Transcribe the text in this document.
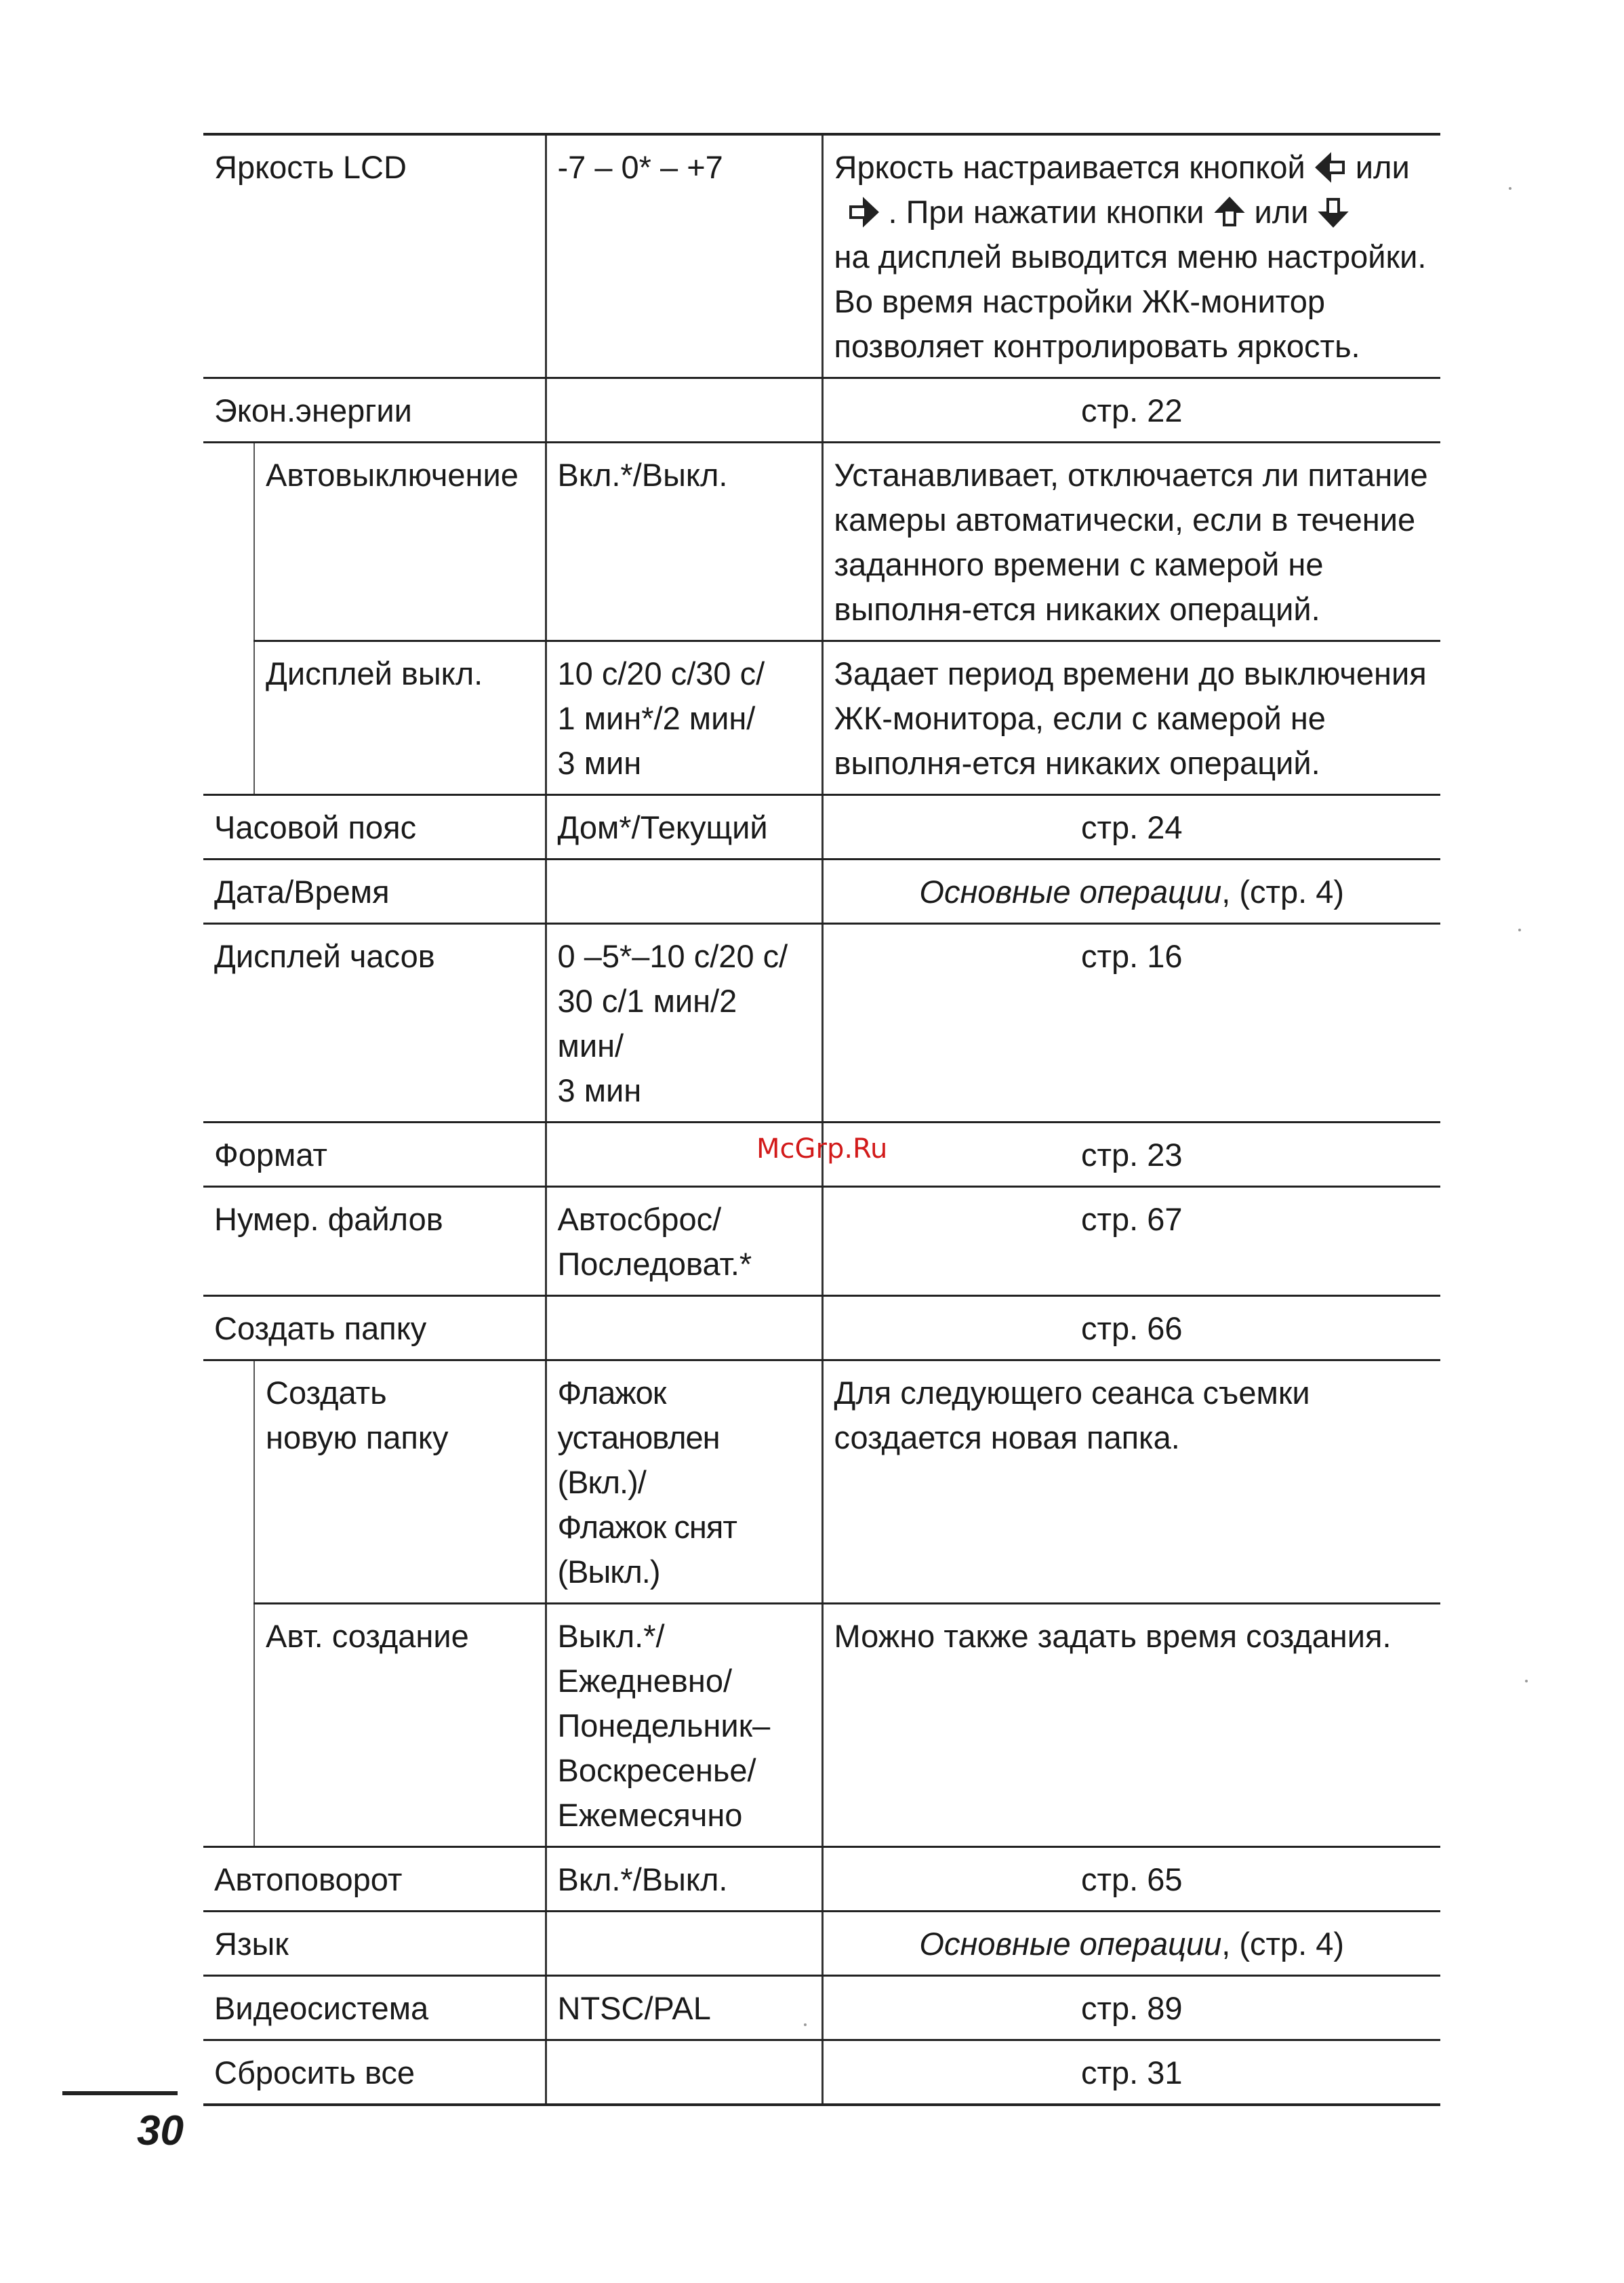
Яркость LCD		-7 – 0* – +7	Яркость настраивается кнопкой или
. При нажатии кнопки или
на дисплей выводится меню настройки. Во время настройки ЖК-монитор позволяет контролировать яркость.
Экон.энергии			стр. 22
	Автовыключение	Вкл.*/Выкл.	Устанавливает, отключается ли питание камеры автоматически, если в течение заданного времени с камерой не выполня-ется никаких операций.
	Дисплей выкл.	10 с/20 с/30 с/
1 мин*/2 мин/
3 мин	Задает период времени до выключения ЖК-монитора, если с камерой не выполня-ется никаких операций.
Часовой пояс		Дом*/Текущий	стр. 24
Дата/Время			Основные операции, (стр. 4)
Дисплей часов		0 –5*–10 с/20 с/
30 с/1 мин/2 мин/
3 мин	стр. 16
Формат			стр. 23
Нумер. файлов		Автосброс/
Последоват.*	стр. 67
Создать папку			стр. 66
	Создать
новую папку	Флажок установлен
(Вкл.)/
Флажок снят
(Выкл.)	Для следующего сеанса съемки создается новая папка.
	Авт. создание	Выкл.*/
Ежедневно/
Понедельник–
Воскресенье/
Ежемесячно	Можно также задать время создания.
Автоповорот		Вкл.*/Выкл.	стр. 65
Язык			Основные операции, (стр. 4)
Видеосистема		NTSC/PAL	стр. 89
Сбросить все			стр. 31
McGrp.Ru
30
